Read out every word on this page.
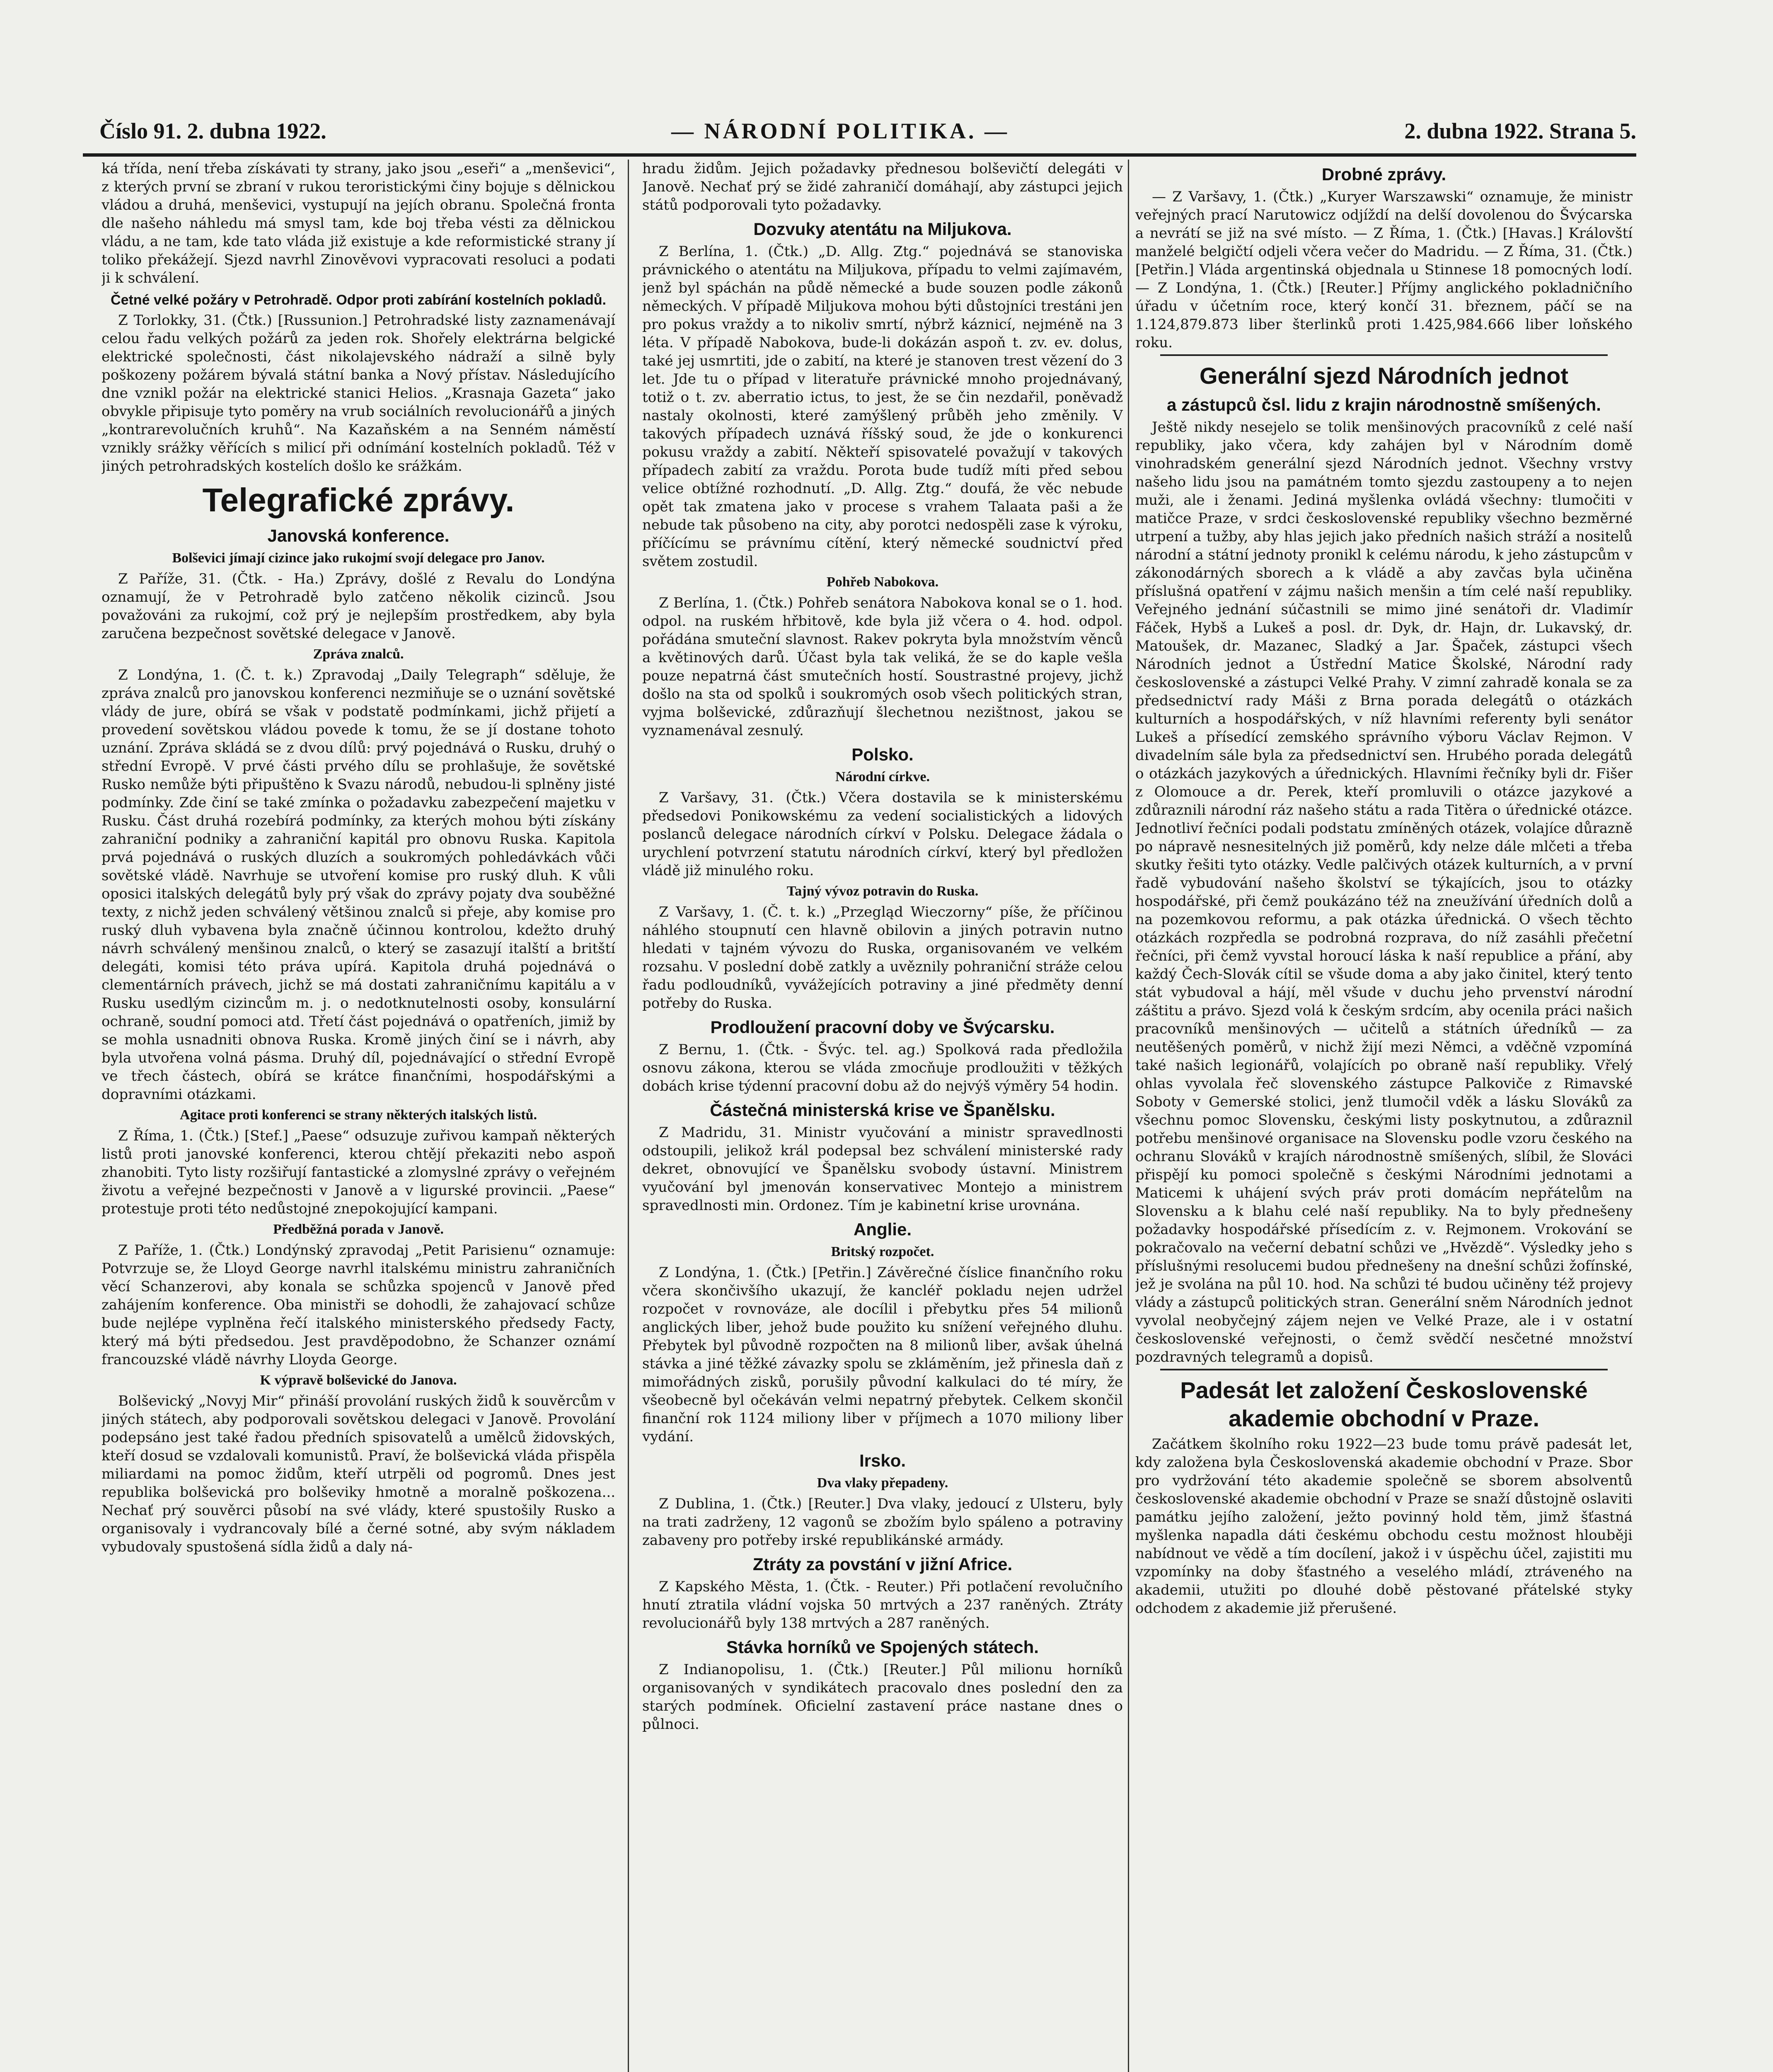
Číslo 91. 2. dubna 1922.	— NÁRODNÍ POLITIKA. —	2. dubna 1922. Strana 5.

ká třída, není třeba získávati ty strany, jako jsou „eseři“ a „menševici“, z kterých první se zbraní v rukou teroristickými činy bojuje s dělnickou vládou a druhá, menševici, vystupují na jejích obranu. Společná fronta dle našeho náhledu má smysl tam, kde boj třeba vésti za dělnickou vládu, a ne tam, kde tato vláda již existuje a kde reformistické strany jí toliko překážejí. Sjezd navrhl Zinověvovi vypracovati resoluci a podati ji k schválení.

Četné velké požáry v Petrohradě. Odpor proti zabírání kostelních pokladů.

Z Torlokky, 31. (Čtk.) [Russunion.] Petrohradské listy zaznamenávají celou řadu velkých požárů za jeden rok. Shořely elektrárna belgické elektrické společnosti, část nikolajevského nádraží a silně byly poškozeny požárem bývalá státní banka a Nový přístav. Následujícího dne vznikl požár na elektrické stanici Helios. „Krasnaja Gazeta“ jako obvykle připisuje tyto poměry na vrub sociálních revolucionářů a jiných „kontrarevolučních kruhů“. Na Kazaňském a na Senném náměstí vznikly srážky věřících s milicí při odnímání kostelních pokladů. Též v jiných petrohradských kostelích došlo ke srážkám.

Telegrafické zprávy.
Janovská konference.
Bolševici jímají cizince jako rukojmí svojí delegace pro Janov.

Z Paříže, 31. (Čtk. - Ha.) Zprávy, došlé z Revalu do Londýna oznamují, že v Petrohradě bylo zatčeno několik cizinců. Jsou považováni za rukojmí, což prý je nejlepším prostředkem, aby byla zaručena bezpečnost sovětské delegace v Janově.

Zpráva znalců.

Z Londýna, 1. (Č. t. k.) Zpravodaj „Daily Telegraph“ sděluje, že zpráva znalců pro janovskou konferenci nezmiňuje se o uznání sovětské vlády de jure, obírá se však v podstatě podmínkami, jichž přijetí a provedení sovětskou vládou povede k tomu, že se jí dostane tohoto uznání. Zpráva skládá se z dvou dílů: prvý pojednává o Rusku, druhý o střední Evropě. V prvé části prvého dílu se prohlašuje, že sovětské Rusko nemůže býti připuštěno k Svazu národů, nebudou-li splněny jisté podmínky. Zde činí se také zmínka o požadavku zabezpečení majetku v Rusku. Část druhá rozebírá podmínky, za kterých mohou býti získány zahraniční podniky a zahraniční kapitál pro obnovu Ruska. Kapitola prvá pojednává o ruských dluzích a soukromých pohledávkách vůči sovětské vládě. Navrhuje se utvoření komise pro ruský dluh. K vůli oposici italských delegátů byly prý však do zprávy pojaty dva souběžné texty, z nichž jeden schválený většinou znalců si přeje, aby komise pro ruský dluh vybavena byla značně účinnou kontrolou, kdežto druhý návrh schválený menšinou znalců, o který se zasazují italští a britští delegáti, komisi této práva upírá. Kapitola druhá pojednává o clementárních právech, jichž se má dostati zahraničnímu kapitálu a v Rusku usedlým cizincům m. j. o nedotknutelnosti osoby, konsulární ochraně, soudní pomoci atd. Třetí část pojednává o opatřeních, jimiž by se mohla usnadniti obnova Ruska. Kromě jiných činí se i návrh, aby byla utvořena volná pásma. Druhý díl, pojednávající o střední Evropě ve třech částech, obírá se krátce finančními, hospodářskými a dopravními otázkami.

Agitace proti konferenci se strany některých italských listů.

Z Říma, 1. (Čtk.) [Stef.] „Paese“ odsuzuje zuřivou kampaň některých listů proti janovské konferenci, kterou chtějí překaziti nebo aspoň zhanobiti. Tyto listy rozšiřují fantastické a zlomyslné zprávy o veřejném životu a veřejné bezpečnosti v Janově a v ligurské provincii. „Paese“ protestuje proti této nedůstojné znepokojující kampani.

Předběžná porada v Janově.

Z Paříže, 1. (Čtk.) Londýnský zpravodaj „Petit Parisienu“ oznamuje: Potvrzuje se, že Lloyd George navrhl italskému ministru zahraničních věcí Schanzerovi, aby konala se schůzka spojenců v Janově před zahájením konference. Oba ministři se dohodli, že zahajovací schůze bude nejlépe vyplněna řečí italského ministerského předsedy Facty, který má býti předsedou. Jest pravděpodobno, že Schanzer oznámí francouzské vládě návrhy Lloyda George.

K výpravě bolševické do Janova.

Bolševický „Novyj Mir“ přináší provolání ruských židů k souvěrcům v jiných státech, aby podporovali sovětskou delegaci v Janově. Provolání podepsáno jest také řadou předních spisovatelů a umělců židovských, kteří dosud se vzdalovali komunistů. Praví, že bolševická vláda přispěla miliardami na pomoc židům, kteří utrpěli od pogromů. Dnes jest republika bolševická pro bolševiky hmotně a moralně poškozena... Nechať prý souvěrci působí na své vlády, které spustošily Rusko a organisovaly i vydrancovaly bílé a černé sotné, aby svým nákladem vybudovaly spustošená sídla židů a daly ná-

hradu židům. Jejich požadavky přednesou bolševičtí delegáti v Janově. Nechať prý se židé zahraničí domáhají, aby zástupci jejich států podporovali tyto požadavky.

Dozvuky atentátu na Miljukova.

Z Berlína, 1. (Čtk.) „D. Allg. Ztg.“ pojednává se stanoviska právnického o atentátu na Miljukova, případu to velmi zajímavém, jenž byl spáchán na půdě německé a bude souzen podle zákonů německých. V případě Miljukova mohou býti důstojníci trestáni jen pro pokus vraždy a to nikoliv smrtí, nýbrž káznicí, nejméně na 3 léta. V případě Nabokova, bude-li dokázán aspoň t. zv. ev. dolus, také jej usmrtiti, jde o zabití, na které je stanoven trest vězení do 3 let. Jde tu o případ v literatuře právnické mnoho projednávaný, totiž o t. zv. aberratio ictus, to jest, že se čin nezdařil, poněvadž nastaly okolnosti, které zamýšlený průběh jeho změnily. V takových případech uznává říšský soud, že jde o konkurenci pokusu vraždy a zabití. Někteří spisovatelé považují v takových případech zabití za vraždu. Porota bude tudíž míti před sebou velice obtížné rozhodnutí. „D. Allg. Ztg.“ doufá, že věc nebude opět tak zmatena jako v procese s vrahem Talaata paši a že nebude tak působeno na city, aby porotci nedospěli zase k výroku, příčícímu se právnímu cítění, který německé soudnictví před světem zostudil.

Pohřeb Nabokova.

Z Berlína, 1. (Čtk.) Pohřeb senátora Nabokova konal se o 1. hod. odpol. na ruském hřbitově, kde byla již včera o 4. hod. odpol. pořádána smuteční slavnost. Rakev pokryta byla množstvím věnců a květinových darů. Účast byla tak veliká, že se do kaple vešla pouze nepatrná část smutečních hostí. Soustrastné projevy, jichž došlo na sta od spolků i soukromých osob všech politických stran, vyjma bolševické, zdůrazňují šlechetnou nezištnost, jakou se vyznamenával zesnulý.

Polsko.
Národní církve.

Z Varšavy, 31. (Čtk.) Včera dostavila se k ministerskému předsedovi Ponikowskému za vedení socialistických a lidových poslanců delegace národních církví v Polsku. Delegace žádala o urychlení potvrzení statutu národních církví, který byl předložen vládě již minulého roku.

Tajný vývoz potravin do Ruska.

Z Varšavy, 1. (Č. t. k.) „Przegląd Wieczorny“ píše, že příčinou náhlého stoupnutí cen hlavně obilovin a jiných potravin nutno hledati v tajném vývozu do Ruska, organisovaném ve velkém rozsahu. V poslední době zatkly a uvěznily pohraniční stráže celou řadu podloudníků, vyvážejících potraviny a jiné předměty denní potřeby do Ruska.

Prodloužení pracovní doby ve Švýcarsku.

Z Bernu, 1. (Čtk. - Švýc. tel. ag.) Spolková rada předložila osnovu zákona, kterou se vláda zmocňuje prodloužiti v těžkých dobách krise týdenní pracovní dobu až do nejvýš výměry 54 hodin.

Částečná ministerská krise ve Španělsku.

Z Madridu, 31. Ministr vyučování a ministr spravedlnosti odstoupili, jelikož král podepsal bez schválení ministerské rady dekret, obnovující ve Španělsku svobody ústavní. Ministrem vyučování byl jmenován konservativec Montejo a ministrem spravedlnosti min. Ordonez. Tím je kabinetní krise urovnána.

Anglie.
Britský rozpočet.

Z Londýna, 1. (Čtk.) [Petřin.] Závěrečné číslice finančního roku včera skončivšího ukazují, že kancléř pokladu nejen udržel rozpočet v rovnováze, ale docílil i přebytku přes 54 milionů anglických liber, jehož bude použito ku snížení veřejného dluhu. Přebytek byl původně rozpočten na 8 milionů liber, avšak úhelná stávka a jiné těžké závazky spolu se zkláměním, jež přinesla daň z mimořádných zisků, porušily původní kalkulaci do té míry, že všeobecně byl očekáván velmi nepatrný přebytek. Celkem skončil finanční rok 1124 miliony liber v příjmech a 1070 miliony liber vydání.

Irsko.
Dva vlaky přepadeny.

Z Dublina, 1. (Čtk.) [Reuter.] Dva vlaky, jedoucí z Ulsteru, byly na trati zadrženy, 12 vagonů se zbožím bylo spáleno a potraviny zabaveny pro potřeby irské republikánské armády.

Ztráty za povstání v jižní Africe.

Z Kapského Města, 1. (Čtk. - Reuter.) Při potlačení revolučního hnutí ztratila vládní vojska 50 mrtvých a 237 raněných. Ztráty revolucionářů byly 138 mrtvých a 287 raněných.

Stávka horníků ve Spojených státech.

Z Indianopolisu, 1. (Čtk.) [Reuter.] Půl milionu horníků organisovaných v syndikátech pracovalo dnes poslední den za starých podmínek. Oficielní zastavení práce nastane dnes o půlnoci.

Drobné zprávy.

— Z Varšavy, 1. (Čtk.) „Kuryer Warszawski“ oznamuje, že ministr veřejných prací Narutowicz odjíždí na delší dovolenou do Švýcarska a nevrátí se již na své místo. — Z Říma, 1. (Čtk.) [Havas.] Královští manželé belgičtí odjeli včera večer do Madridu. — Z Říma, 31. (Čtk.) [Petřin.] Vláda argentinská objednala u Stinnese 18 pomocných lodí. — Z Londýna, 1. (Čtk.) [Reuter.] Příjmy anglického pokladničního úřadu v účetním roce, který končí 31. březnem, páčí se na 1.124,879.873 liber šterlinků proti 1.425,984.666 liber loňského roku.

Generální sjezd Národních jednot
a zástupců čsl. lidu z krajin národnostně smíšených.

Ještě nikdy nesejelo se tolik menšinových pracovníků z celé naší republiky, jako včera, kdy zahájen byl v Národním domě vinohradském generální sjezd Národních jednot. Všechny vrstvy našeho lidu jsou na památném tomto sjezdu zastoupeny a to nejen muži, ale i ženami. Jediná myšlenka ovládá všechny: tlumočiti v matičce Praze, v srdci československé republiky všechno bezměrné utrpení a tužby, aby hlas jejich jako předních našich stráží a nositelů národní a státní jednoty pronikl k celému národu, k jeho zástupcům v zákonodárných sborech a k vládě a aby zavčas byla učiněna příslušná opatření v zájmu našich menšin a tím celé naší republiky. Veřejného jednání súčastnili se mimo jiné senátoři dr. Vladimír Fáček, Hybš a Lukeš a posl. dr. Dyk, dr. Hajn, dr. Lukavský, dr. Matoušek, dr. Mazanec, Sladký a Jar. Špaček, zástupci všech Národních jednot a Ústřední Matice Školské, Národní rady československé a zástupci Velké Prahy. V zimní zahradě konala se za předsednictví rady Máši z Brna porada delegátů o otázkách kulturních a hospodářských, v níž hlavními referenty byli senátor Lukeš a přísedící zemského správního výboru Václav Rejmon. V divadelním sále byla za předsednictví sen. Hrubého porada delegátů o otázkách jazykových a úřednických. Hlavními řečníky byli dr. Fišer z Olomouce a dr. Perek, kteří promluvili o otázce jazykové a zdůraznili národní ráz našeho státu a rada Titěra o úřednické otázce. Jednotliví řečníci podali podstatu zmíněných otázek, volajíce důrazně po nápravě nesnesitelných již poměrů, kdy nelze dále mlčeti a třeba skutky řešiti tyto otázky. Vedle palčivých otázek kulturních, a v první řadě vybudování našeho školství se týkajících, jsou to otázky hospodářské, při čemž poukázáno též na zneužívání úředních dolů a na pozemkovou reformu, a pak otázka úřednická. O všech těchto otázkách rozpředla se podrobná rozprava, do níž zasáhli přečetní řečníci, při čemž vyvstal horoucí láska k naší republice a přání, aby každý Čech-Slovák cítil se všude doma a aby jako činitel, který tento stát vybudoval a hájí, měl všude v duchu jeho prvenství národní záštitu a právo. Sjezd volá k českým srdcím, aby ocenila práci našich pracovníků menšinových — učitelů a státních úředníků — za neutěšených poměrů, v nichž žijí mezi Němci, a vděčně vzpomíná také našich legionářů, volajících po obraně naší republiky. Vřelý ohlas vyvolala řeč slovenského zástupce Palkoviče z Rimavské Soboty v Gemerské stolici, jenž tlumočil vděk a lásku Slováků za všechnu pomoc Slovensku, českými listy poskytnutou, a zdůraznil potřebu menšinové organisace na Slovensku podle vzoru českého na ochranu Slováků v krajích národnostně smíšených, slíbil, že Slováci přispějí ku pomoci společně s českými Národními jednotami a Maticemi k uhájení svých práv proti domácím nepřátelům na Slovensku a k blahu celé naší republiky. Na to byly přednešeny požadavky hospodářské přísedícím z. v. Rejmonem. Vrokování se pokračovalo na večerní debatní schůzi ve „Hvězdě“. Výsledky jeho s příslušnými resolucemi budou přednešeny na dnešní schůzi žofínské, jež je svolána na půl 10. hod. Na schůzi té budou učiněny též projevy vlády a zástupců politických stran. Generální sněm Národních jednot vyvolal neobyčejný zájem nejen ve Velké Praze, ale i v ostatní československé veřejnosti, o čemž svědčí nesčetné množství pozdravných telegramů a dopisů.

Padesát let založení Československé akademie obchodní v Praze.

Začátkem školního roku 1922—23 bude tomu právě padesát let, kdy založena byla Československá akademie obchodní v Praze. Sbor pro vydržování této akademie společně se sborem absolventů československé akademie obchodní v Praze se snaží důstojně oslaviti památku jejího založení, ježto povinný hold těm, jimž šťastná myšlenka napadla dáti českému obchodu cestu možnost hlouběji nabídnout ve vědě a tím docílení, jakož i v úspěchu účel, zajistiti mu vzpomínky na doby šťastného a veselého mládí, ztráveného na akademii, utužiti po dlouhé době pěstované přátelské styky odchodem z akademie již přerušené.
